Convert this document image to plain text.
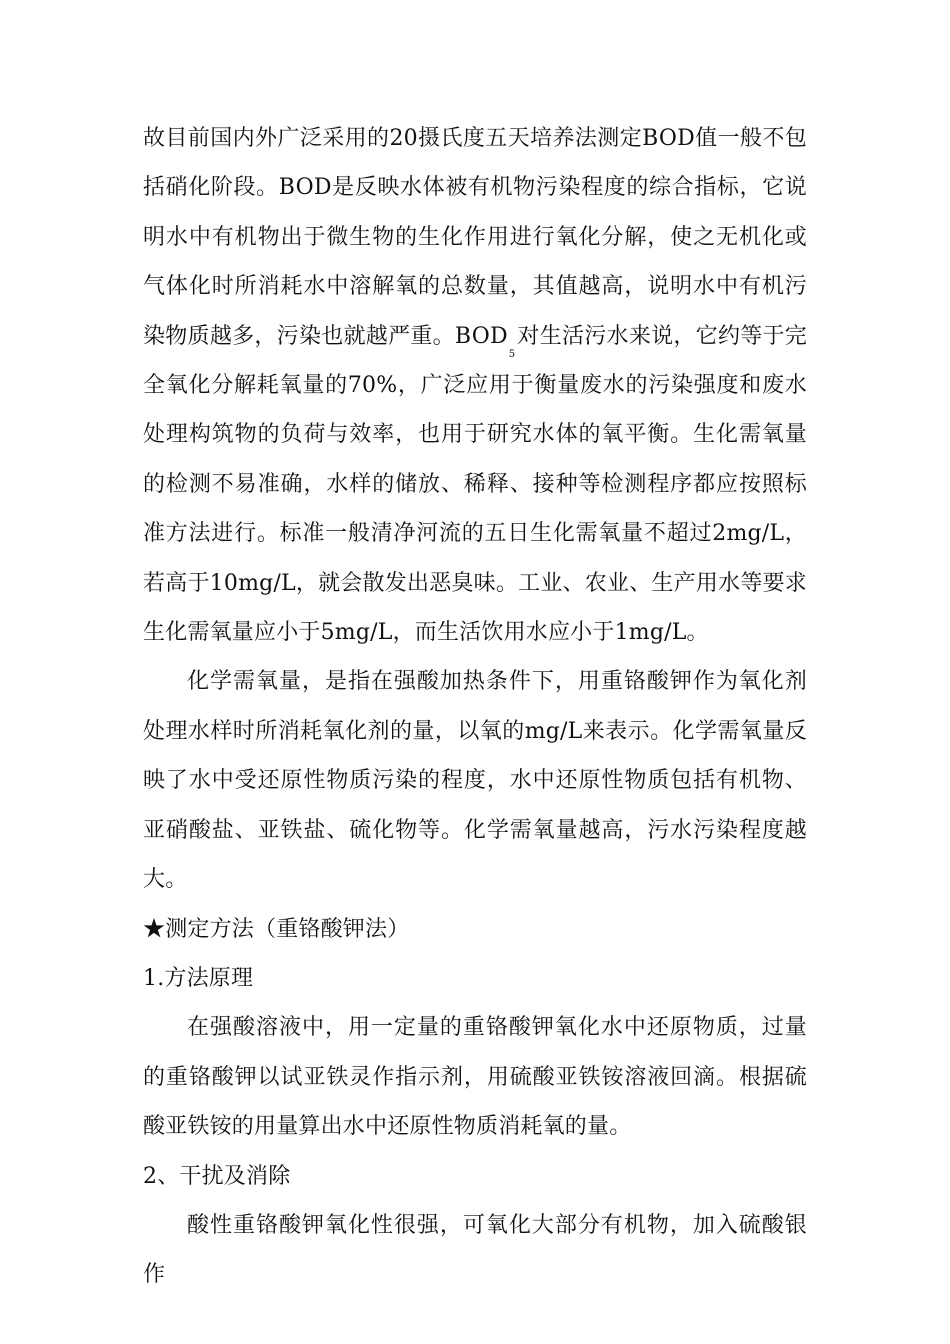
故目前国内外广泛采用的20摄氏度五天培养法测定BOD值一般不包括硝化阶段。BOD是反映水体被有机物污染程度的综合指标，它说明水中有机物出于微生物的生化作用进行氧化分解，使之无机化或气体化时所消耗水中溶解氧的总数量，其值越高，说明水中有机污染物质越多，污染也就越严重。$BOD_5$对生活污水来说，它约等于完全氧化分解耗氧量的70%，广泛应用于衡量废水的污染强度和废水处理构筑物的负荷与效率，也用于研究水体的氧平衡。生化需氧量的检测不易准确，水样的储放、稀释、接种等检测程序都应按照标准方法进行。标准一般清净河流的五日生化需氧量不超过2mg/L，若高于10mg/L，就会散发出恶臭味。工业、农业、生产用水等要求生化需氧量应小于5mg/L，而生活饮用水应小于1mg/L。

化学需氧量，是指在强酸加热条件下，用重铬酸钾作为氧化剂处理水样时所消耗氧化剂的量，以氧的mg/L来表示。化学需氧量反映了水中受还原性物质污染的程度，水中还原性物质包括有机物、亚硝酸盐、亚铁盐、硫化物等。化学需氧量越高，污水污染程度越大。

★测定方法（重铬酸钾法）

1.方法原理

在强酸溶液中，用一定量的重铬酸钾氧化水中还原物质，过量的重铬酸钾以试亚铁灵作指示剂，用硫酸亚铁铵溶液回滴。根据硫酸亚铁铵的用量算出水中还原性物质消耗氧的量。

2、干扰及消除

酸性重铬酸钾氧化性很强，可氧化大部分有机物，加入硫酸银作
